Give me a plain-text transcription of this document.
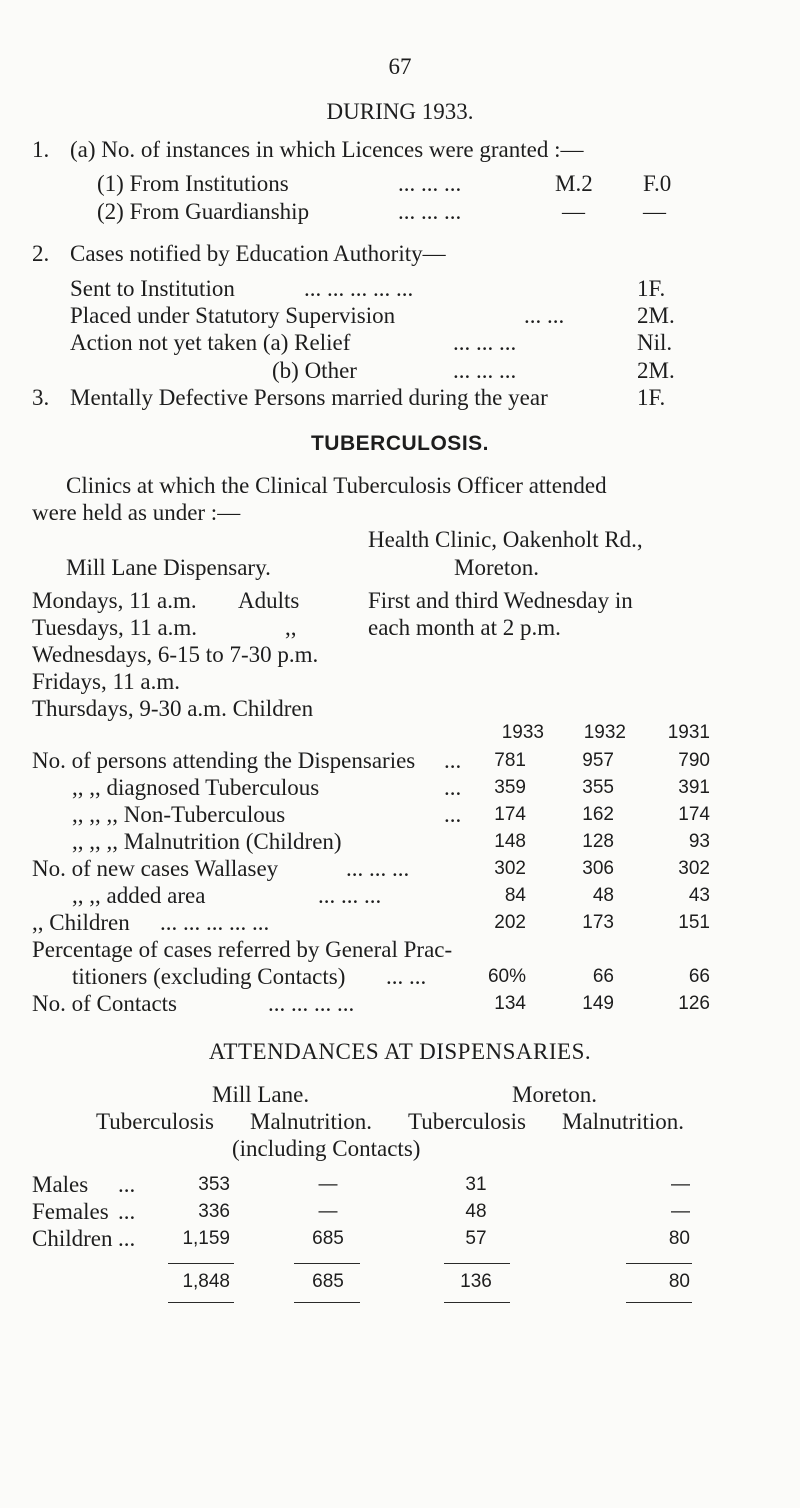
67
DURING 1933.
1. (a) No. of instances in which Licences were granted :—
(1) From Institutions	... ... ...	M.2 F.0
(2) From Guardianship	... ... ...	—	—
2. Cases notified by Education Authority—
Sent to Institution	... ... ... ... ...	1F.
Placed under Statutory Supervision	... ...	2M.
Action not yet taken (a) Relief	... ... ...	Nil.
(b) Other	... ... ...	2M.
3. Mentally Defective Persons married during the year	1F.
TUBERCULOSIS.
Clinics at which the Clinical Tuberculosis Officer attended
were held as under :—
Health Clinic, Oakenholt Rd.,
Mill Lane Dispensary.	Moreton.
Mondays, 11 a.m. Adults	First and third Wednesday in
Tuesdays, 11 a.m.	,,	each month at 2 p.m.
Wednesdays, 6-15 to 7-30 p.m.
Fridays, 11 a.m.
Thursdays, 9-30 a.m. Children
1933	1932	1931
No. of persons attending the Dispensaries ...	781	957	790
,, ,, diagnosed Tuberculous	...	359	355	391
,, ,, ,, Non-Tuberculous	...	174	162	174
,, ,, ,, Malnutrition (Children)	148	128	93
No. of new cases Wallasey	... ... ...	302	306	302
,, ,, added area	... ... ...	84	48	43
,, Children ... ... ... ... ...	202	173	151
Percentage of cases referred by General Prac-
titioners (excluding Contacts) ... ...	60%	66	66
No. of Contacts	... ... ... ...	134	149	126
ATTENDANCES AT DISPENSARIES.
Mill Lane.	Moreton.
Tuberculosis Malnutrition. Tuberculosis Malnutrition.
(including Contacts)
Males ...	353	—	31	—
Females ...	336	—	48	—
Children ...	1,159	685	57	80
1,848	685	136	80
